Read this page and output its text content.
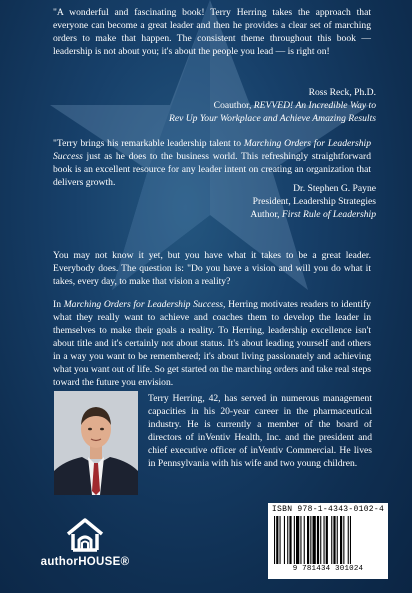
"A wonderful and fascinating book! Terry Herring takes the approach that everyone can become a great leader and then he provides a clear set of marching orders to make that happen. The consistent theme throughout this book — leadership is not about you; it's about the people you lead — is right on!
Ross Reck, Ph.D.
Coauthor, REVVED! An Incredible Way to
Rev Up Your Workplace and Achieve Amazing Results
"Terry brings his remarkable leadership talent to Marching Orders for Leadership Success just as he does to the business world. This refreshingly straightforward book is an excellent resource for any leader intent on creating an organization that delivers growth.
Dr. Stephen G. Payne
President, Leadership Strategies
Author, First Rule of Leadership
You may not know it yet, but you have what it takes to be a great leader. Everybody does. The question is: "Do you have a vision and will you do what it takes, every day, to make that vision a reality?
In Marching Orders for Leadership Success, Herring motivates readers to identify what they really want to achieve and coaches them to develop the leader in themselves to make their goals a reality. To Herring, leadership excellence isn't about title and it's certainly not about status. It's about leading yourself and others in a way you want to be remembered; it's about living passionately and achieving what you want out of life. So get started on the marching orders and take real steps toward the future you envision.
Terry Herring, 42, has served in numerous management capacities in his 20-year career in the pharmaceutical industry. He is currently a member of the board of directors of inVentiv Health, Inc. and the president and chief executive officer of inVentiv Commercial. He lives in Pennsylvania with his wife and two young children.
authorHOUSE®
ISBN 978-1-4343-0102-4
9 781434 301024
